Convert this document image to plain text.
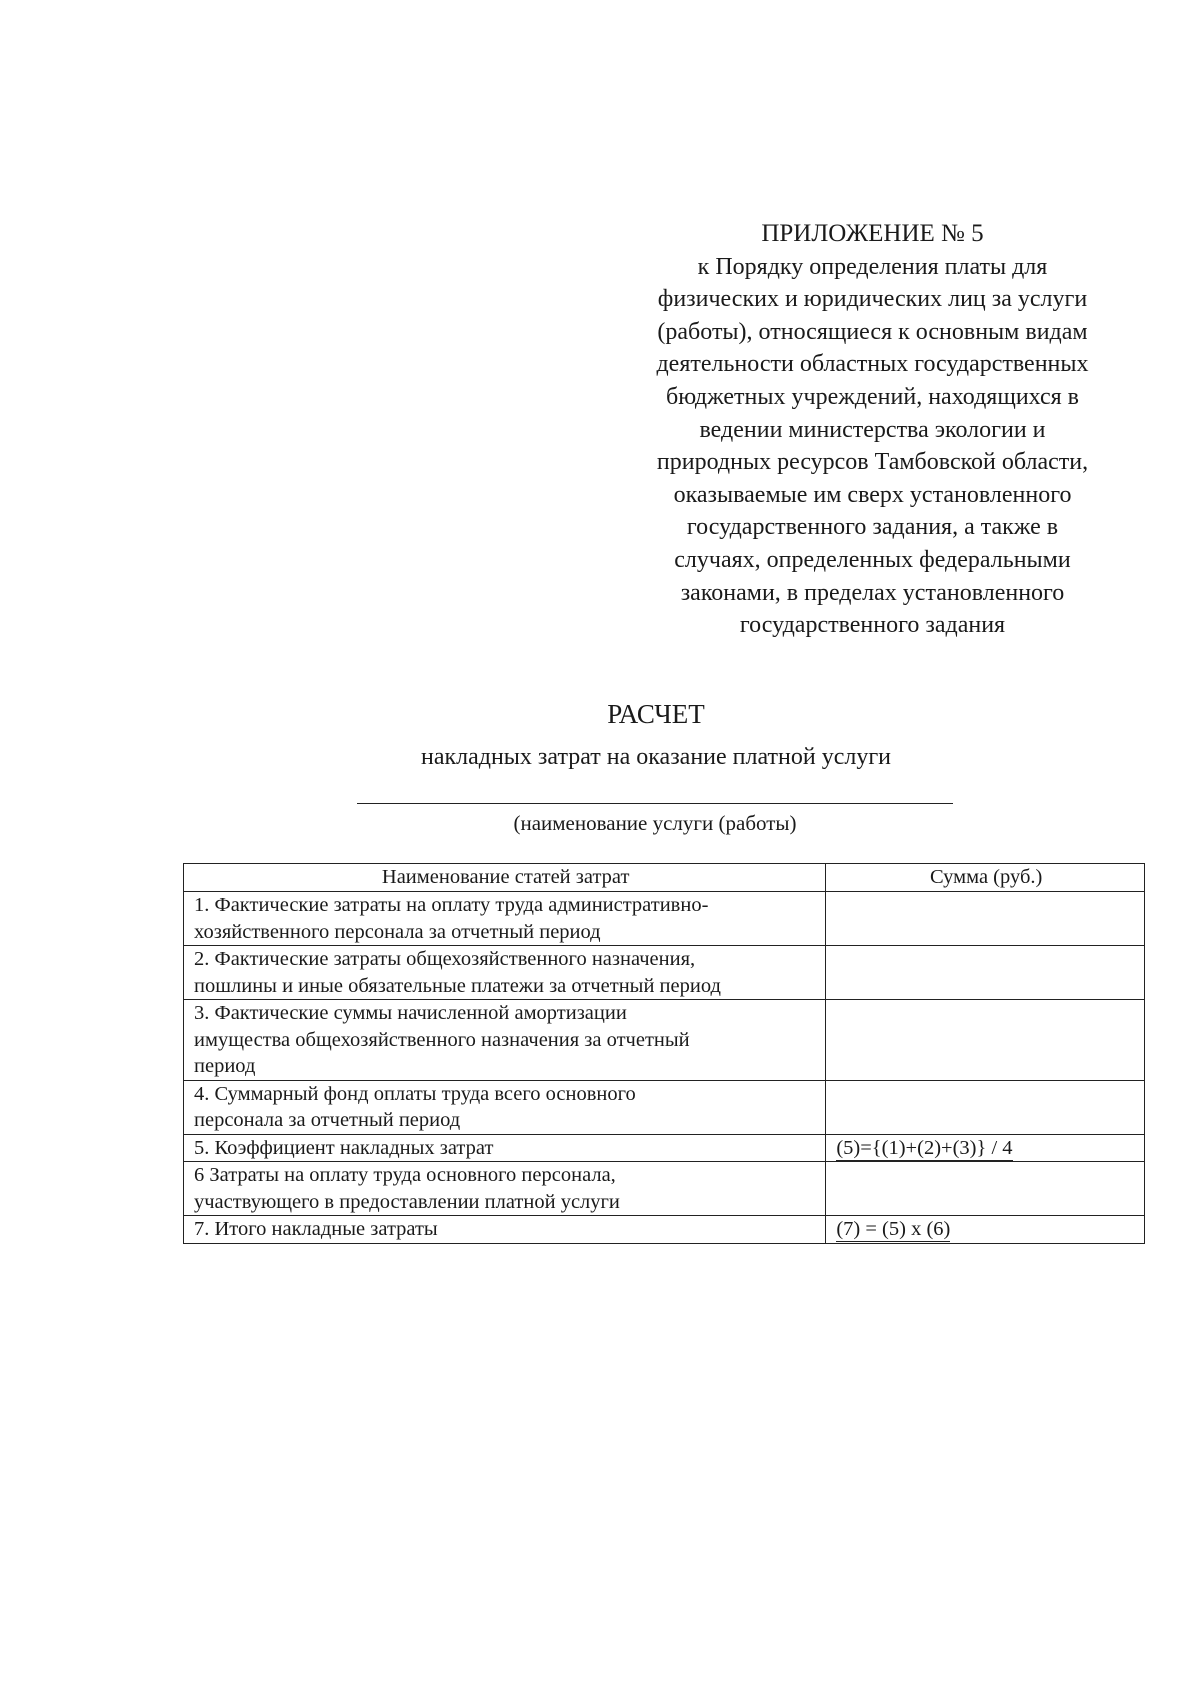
ПРИЛОЖЕНИЕ № 5
к Порядку определения платы для
физических и юридических лиц за услуги
(работы), относящиеся к основным видам
деятельности областных государственных
бюджетных учреждений, находящихся в
ведении министерства экологии и
природных ресурсов Тамбовской области,
оказываемые им сверх установленного
государственного задания, а также в
случаях, определенных федеральными
законами, в пределах установленного
государственного задания
РАСЧЕТ
накладных затрат на оказание платной услуги
(наименование услуги (работы)
Наименование статей затрат	Сумма (руб.)
1. Фактические затраты на оплату труда административно-
хозяйственного персонала за отчетный период	
2. Фактические затраты общехозяйственного назначения,
пошлины и иные обязательные платежи за отчетный период	
3. Фактические суммы начисленной амортизации
имущества общехозяйственного назначения за отчетный
период	
4. Суммарный фонд оплаты труда всего основного
персонала за отчетный период	
5. Коэффициент накладных затрат	(5)={(1)+(2)+(3)} / 4
6 Затраты на оплату труда основного персонала,
участвующего в предоставлении платной услуги	
7. Итого накладные затраты	(7) = (5) х (6)
